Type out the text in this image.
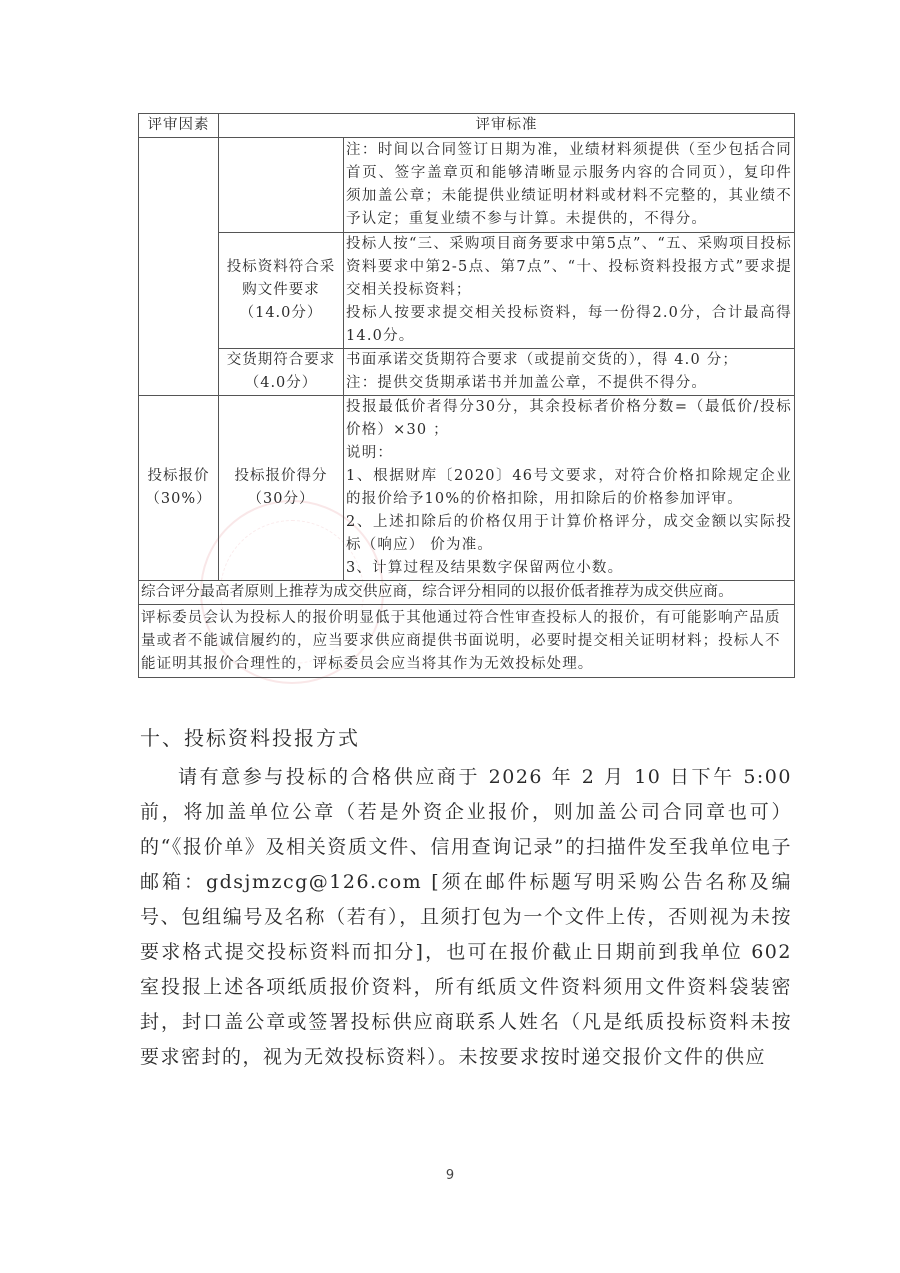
评审因素	评审标准	

		注：时间以合同签订日期为准，业绩材料须提供（至少包括合同首页、签字盖章页和能够清晰显示服务内容的合同页），复印件须加盖公章；未能提供业绩证明材料或材料不完整的，其业绩不予认定；重复业绩不参与计算。未提供的，不得分。

	投标资料符合采购文件要求（14.0分）	投标人按“三、采购项目商务要求中第5点”、“五、采购项目投标资料要求中第2-5点、第7点”、“十、投标资料投报方式”要求提交相关投标资料；
投标人按要求提交相关投标资料，每一份得2.0分，合计最高得14.0分。

	交货期符合要求（4.0分）	书面承诺交货期符合要求（或提前交货的），得 4.0 分；
注：提供交货期承诺书并加盖公章，不提供不得分。

投标报价（30%）	投标报价得分（30分）	投报最低价者得分30分，其余投标者价格分数=（最低价/投标价格）×30 ；
说明：
1、根据财库〔2020〕46号文要求，对符合价格扣除规定企业的报价给予10%的价格扣除，用扣除后的价格参加评审。
2、上述扣除后的价格仅用于计算价格评分，成交金额以实际投标（响应） 价为准。
3、计算过程及结果数字保留两位小数。

综合评分最高者原则上推荐为成交供应商，综合评分相同的以报价低者推荐为成交供应商。		
评标委员会认为投标人的报价明显低于其他通过符合性审查投标人的报价，有可能影响产品质量或者不能诚信履约的，应当要求供应商提供书面说明，必要时提交相关证明材料；投标人不能证明其报价合理性的，评标委员会应当将其作为无效投标处理。		
十、投标资料投报方式

请有意参与投标的合格供应商于 2026 年 2 月 10 日下午 5:00 前，将加盖单位公章（若是外资企业报价，则加盖公司合同章也可）的“《报价单》及相关资质文件、信用查询记录”的扫描件发至我单位电子邮箱：gdsjmzcg@126.com [须在邮件标题写明采购公告名称及编号、包组编号及名称（若有），且须打包为一个文件上传，否则视为未按要求格式提交投标资料而扣分]，也可在报价截止日期前到我单位 602 室投报上述各项纸质报价资料，所有纸质文件资料须用文件资料袋装密封，封口盖公章或签署投标供应商联系人姓名（凡是纸质投标资料未按要求密封的，视为无效投标资料）。未按要求按时递交报价文件的供应

9
